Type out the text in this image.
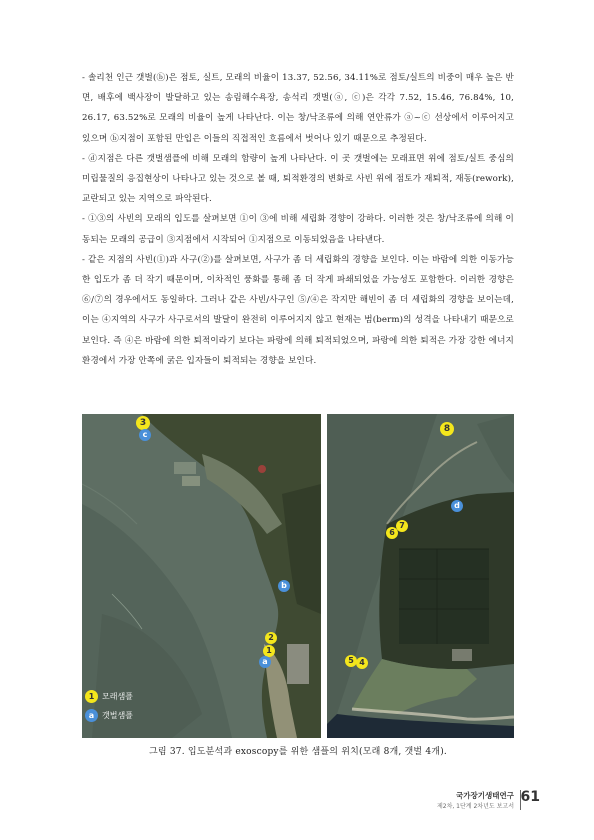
- 솔리천 인근 갯벌(ⓑ)은 점토, 실트, 모래의 비율이 13.37, 52.56, 34.11%로 점토/실트의 비중이 매우 높은 반면, 배후에 백사장이 발달하고 있는 송림해수욕장, 송석리 갯벌(ⓐ, ⓒ)은 각각 7.52, 15.46, 76.84%, 10, 26.17, 63.52%로 모래의 비율이 높게 나타난다. 이는 창/낙조류에 의해 연안류가 ⓐ~ⓒ 선상에서 이루어지고 있으며 ⓑ지점이 포함된 만입은 이들의 직접적인 흐름에서 벗어나 있기 때문으로 추정된다.

- ⓓ지점은 다른 갯벌샘플에 비해 모래의 함량이 높게 나타난다. 이 곳 갯벌에는 모래표면 위에 점토/실트 중심의 미립물질의 응집현상이 나타나고 있는 것으로 볼 때, 퇴적환경의 변화로 사빈 위에 점토가 재퇴적, 재동(rework), 교란되고 있는 지역으로 파악된다.

- ①③의 사빈의 모래의 입도를 살펴보면 ①이 ③에 비해 세립화 경향이 강하다. 이러한 것은 창/낙조류에 의해 이동되는 모래의 공급이 ③지점에서 시작되어 ①지점으로 이동되었음을 나타낸다.

- 같은 지점의 사빈(①)과 사구(②)를 살펴보면, 사구가 좀 더 세립화의 경향을 보인다. 이는 바람에 의한 이동가능한 입도가 좀 더 작기 때문이며, 이차적인 풍화를 통해 좀 더 작게 파쇄되었을 가능성도 포함한다. 이러한 경향은 ⑥/⑦의 경우에서도 동일하다. 그러나 같은 사빈/사구인 ⑤/④은 작지만 해빈이 좀 더 세립화의 경향을 보이는데, 이는 ④지역의 사구가 사구로서의 발달이 완전히 이루어지지 않고 현재는 범(berm)의 성격을 나타내기 때문으로 보인다. 즉 ④은 바람에 의한 퇴적이라기 보다는 파랑에 의해 퇴적되었으며, 파랑에 의한 퇴적은 가장 강한 에너지 환경에서 가장 안쪽에 굵은 입자들이 퇴적되는 경향을 보인다.

3
c
b
2
1
a
1 모래샘플
a 갯벌샘플
8
d
7
6
5 4
그림 37. 입도분석과 exoscopy를 위한 샘플의 위치(모래 8개, 갯벌 4개).
국가장기생태연구
제2차, 1단계 2차년도 보고서
61
